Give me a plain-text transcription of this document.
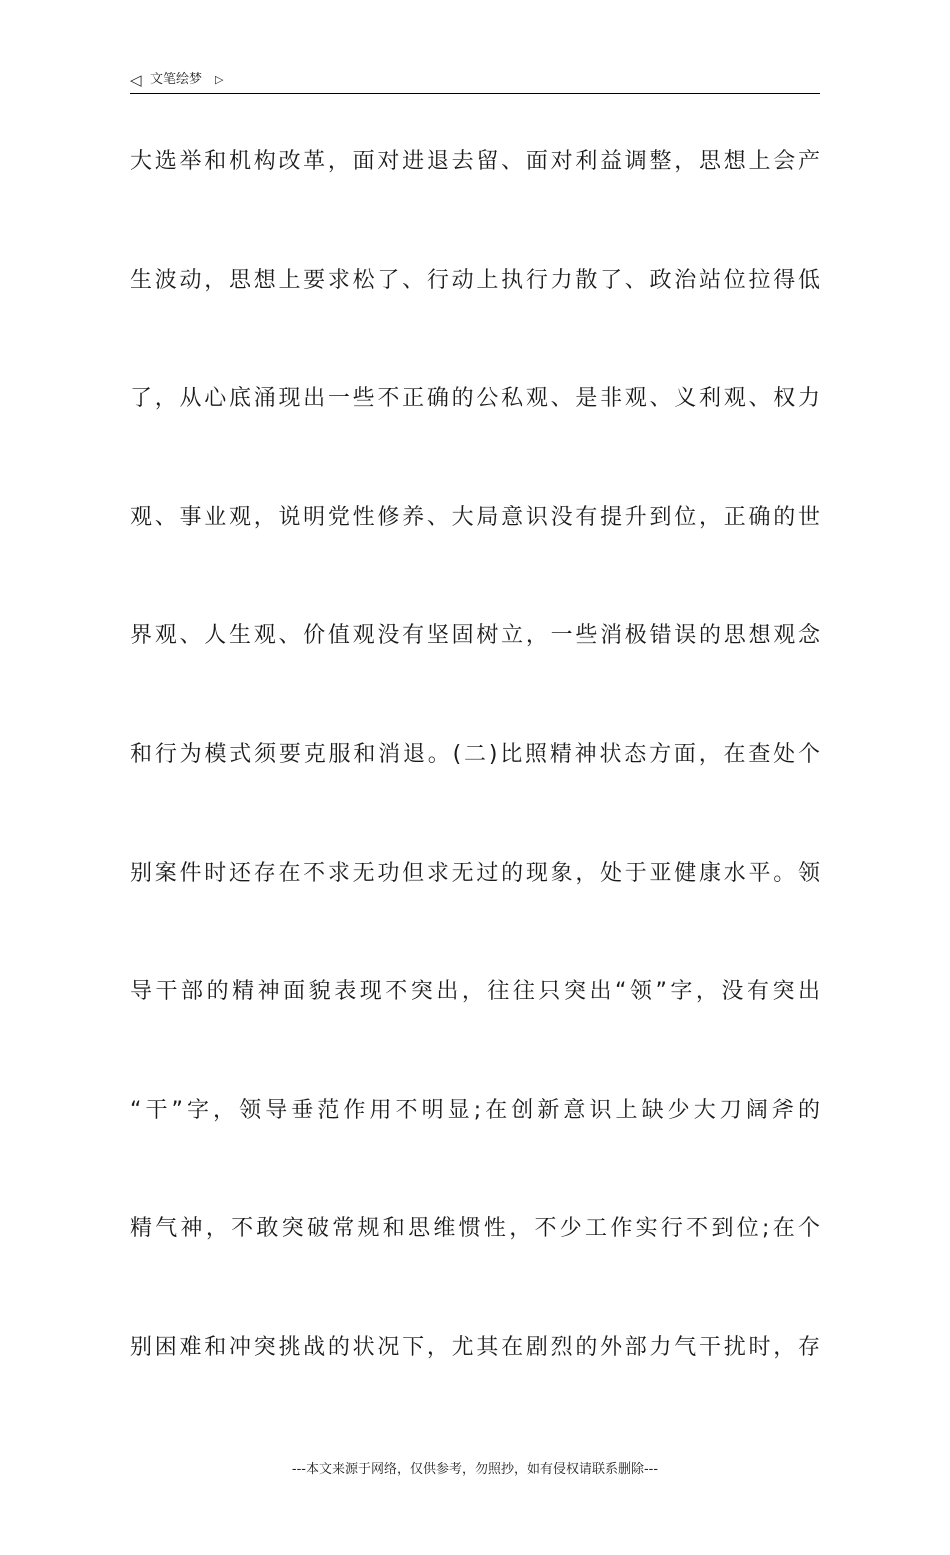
◁ 文笔绘梦 ▷
大选举和机构改革，面对进退去留、面对利益调整，思想上会产
生波动，思想上要求松了、行动上执行力散了、政治站位拉得低
了，从心底涌现出一些不正确的公私观、是非观、义利观、权力
观、事业观，说明党性修养、大局意识没有提升到位，正确的世
界观、人生观、价值观没有坚固树立，一些消极错误的思想观念
和行为模式须要克服和消退。(二)比照精神状态方面，在查处个
别案件时还存在不求无功但求无过的现象，处于亚健康水平。领
导干部的精神面貌表现不突出，往往只突出“领”字，没有突出
“干”字，领导垂范作用不明显;在创新意识上缺少大刀阔斧的
精气神，不敢突破常规和思维惯性，不少工作实行不到位;在个
别困难和冲突挑战的状况下，尤其在剧烈的外部力气干扰时，存
---本文来源于网络，仅供参考，勿照抄，如有侵权请联系删除---
